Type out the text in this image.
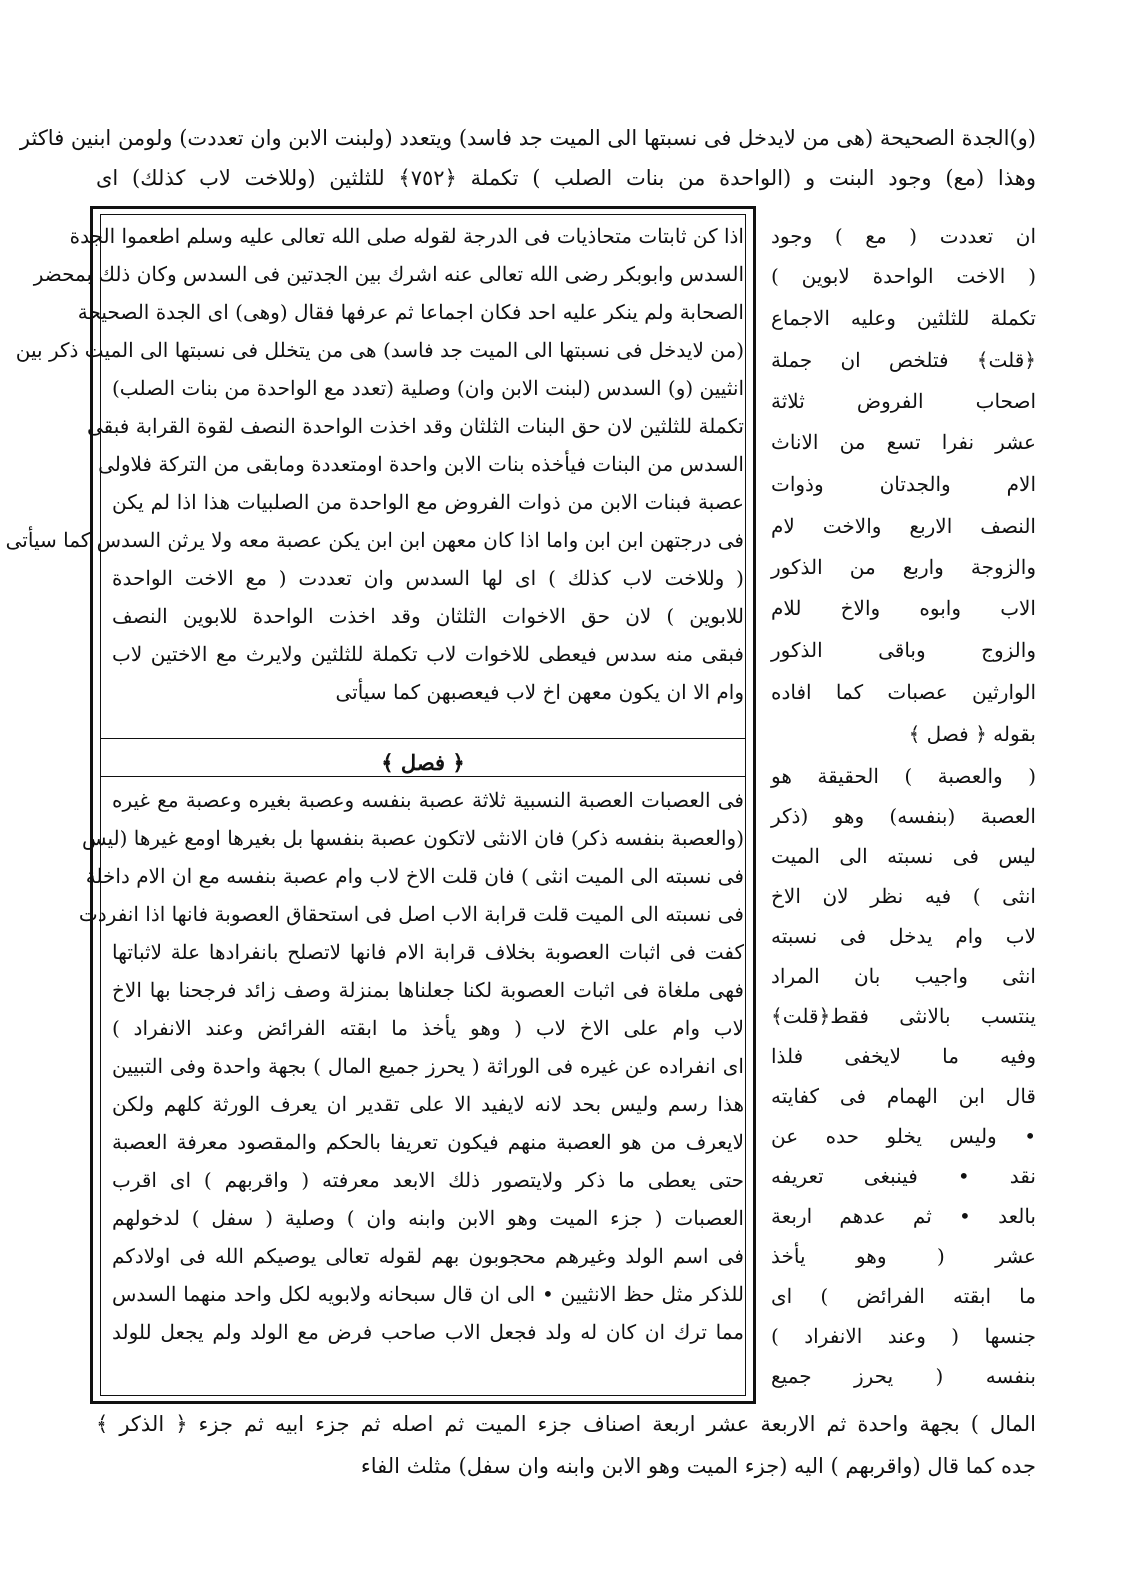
(و)الجدة الصحيحة (هى من لايدخل فى نسبتها الى الميت جد فاسد) ويتعدد (ولبنت الابن وان تعددت) ولومن ابنين فاكثر
وهذا (مع) وجود البنت و (الواحدة من بنات الصلب ) تكملة ﴿٧٥٢﴾ للثلثين (وللاخت لاب كذلك) اى
اذا كن ثابتات متحاذيات فى الدرجة لقوله صلى الله تعالى عليه وسلم اطعموا الجدة
السدس وابوبكر رضى الله تعالى عنه اشرك بين الجدتين فى السدس وكان ذلك بمحضر
الصحابة ولم ينكر عليه احد فكان اجماعا ثم عرفها فقال (وهى) اى الجدة الصحيحة
(من لايدخل فى نسبتها الى الميت جد فاسد) هى من يتخلل فى نسبتها الى الميت ذكر بين
انثيين (و) السدس (لبنت الابن وان) وصلية (تعدد مع الواحدة من بنات الصلب)
تكملة للثلثين لان حق البنات الثلثان وقد اخذت الواحدة النصف لقوة القرابة فبقى
السدس من البنات فيأخذه بنات الابن واحدة اومتعددة ومابقى من التركة فلاولى
عصبة فبنات الابن من ذوات الفروض مع الواحدة من الصلبيات هذا اذا لم يكن
فى درجتهن ابن ابن واما اذا كان معهن ابن ابن يكن عصبة معه ولا يرثن السدس كما سيأتى
( وللاخت لاب كذلك ) اى لها السدس وان تعددت ( مع الاخت الواحدة
للابوين ) لان حق الاخوات الثلثان وقد اخذت الواحدة للابوين النصف
فبقى منه سدس فيعطى للاخوات لاب تكملة للثلثين ولايرث مع الاختين لاب
وام الا ان يكون معهن اخ لاب فيعصبهن كما سيأتى
﴿ فصل ﴾
فى العصبات العصبة النسبية ثلاثة عصبة بنفسه وعصبة بغيره وعصبة مع غيره
(والعصبة بنفسه ذكر) فان الانثى لاتكون عصبة بنفسها بل بغيرها اومع غيرها (ليس
فى نسبته الى الميت انثى ) فان قلت الاخ لاب وام عصبة بنفسه مع ان الام داخلة
فى نسبته الى الميت قلت قرابة الاب اصل فى استحقاق العصوبة فانها اذا انفردت
كفت فى اثبات العصوبة بخلاف قرابة الام فانها لاتصلح بانفرادها علة لاثباتها
فهى ملغاة فى اثبات العصوبة لكنا جعلناها بمنزلة وصف زائد فرجحنا بها الاخ
لاب وام على الاخ لاب ( وهو يأخذ ما ابقته الفرائض وعند الانفراد )
اى انفراده عن غيره فى الوراثة ( يحرز جميع المال ) بجهة واحدة وفى التبيين
هذا رسم وليس بحد لانه لايفيد الا على تقدير ان يعرف الورثة كلهم ولكن
لايعرف من هو العصبة منهم فيكون تعريفا بالحكم والمقصود معرفة العصبة
حتى يعطى ما ذكر ولايتصور ذلك الابعد معرفته ( واقربهم ) اى اقرب
العصبات ( جزء الميت وهو الابن وابنه وان ) وصلية ( سفل ) لدخولهم
فى اسم الولد وغيرهم محجوبون بهم لقوله تعالى يوصيكم الله فى اولادكم
للذكر مثل حظ الانثيين • الى ان قال سبحانه ولابويه لكل واحد منهما السدس
مما ترك ان كان له ولد فجعل الاب صاحب فرض مع الولد ولم يجعل للولد
ان تعددت ( مع ) وجود
( الاخت الواحدة لابوين )
تكملة للثلثين وعليه الاجماع
﴿قلت﴾ فتلخص ان جملة
اصحاب الفروض ثلاثة
عشر نفرا تسع من الاناث
الام والجدتان وذوات
النصف الاربع والاخت لام
والزوجة واربع من الذكور
الاب وابوه والاخ للام
والزوج وباقى الذكور
الوارثين عصبات كما افاده
بقوله ﴿ فصل ﴾
( والعصبة ) الحقيقة هو
العصبة (بنفسه) وهو (ذكر
ليس فى نسبته الى الميت
انثى ) فيه نظر لان الاخ
لاب وام يدخل فى نسبته
انثى واجيب بان المراد
ينتسب بالانثى فقط﴿قلت﴾
وفيه ما لايخفى فلذا
قال ابن الهمام فى كفايته
• وليس يخلو حده عن
نقد • فينبغى تعريفه
بالعد • ثم عدهم اربعة
عشر ( وهو يأخذ
ما ابقته الفرائض ) اى
جنسها ( وعند الانفراد )
بنفسه ( يحرز جميع
المال ) بجهة واحدة ثم الاربعة عشر اربعة اصناف جزء الميت ثم اصله ثم جزء ابيه ثم جزء ﴿ الذكر ﴾
جده كما قال (واقربهم ) اليه (جزء الميت وهو الابن وابنه وان سفل) مثلث الفاء
